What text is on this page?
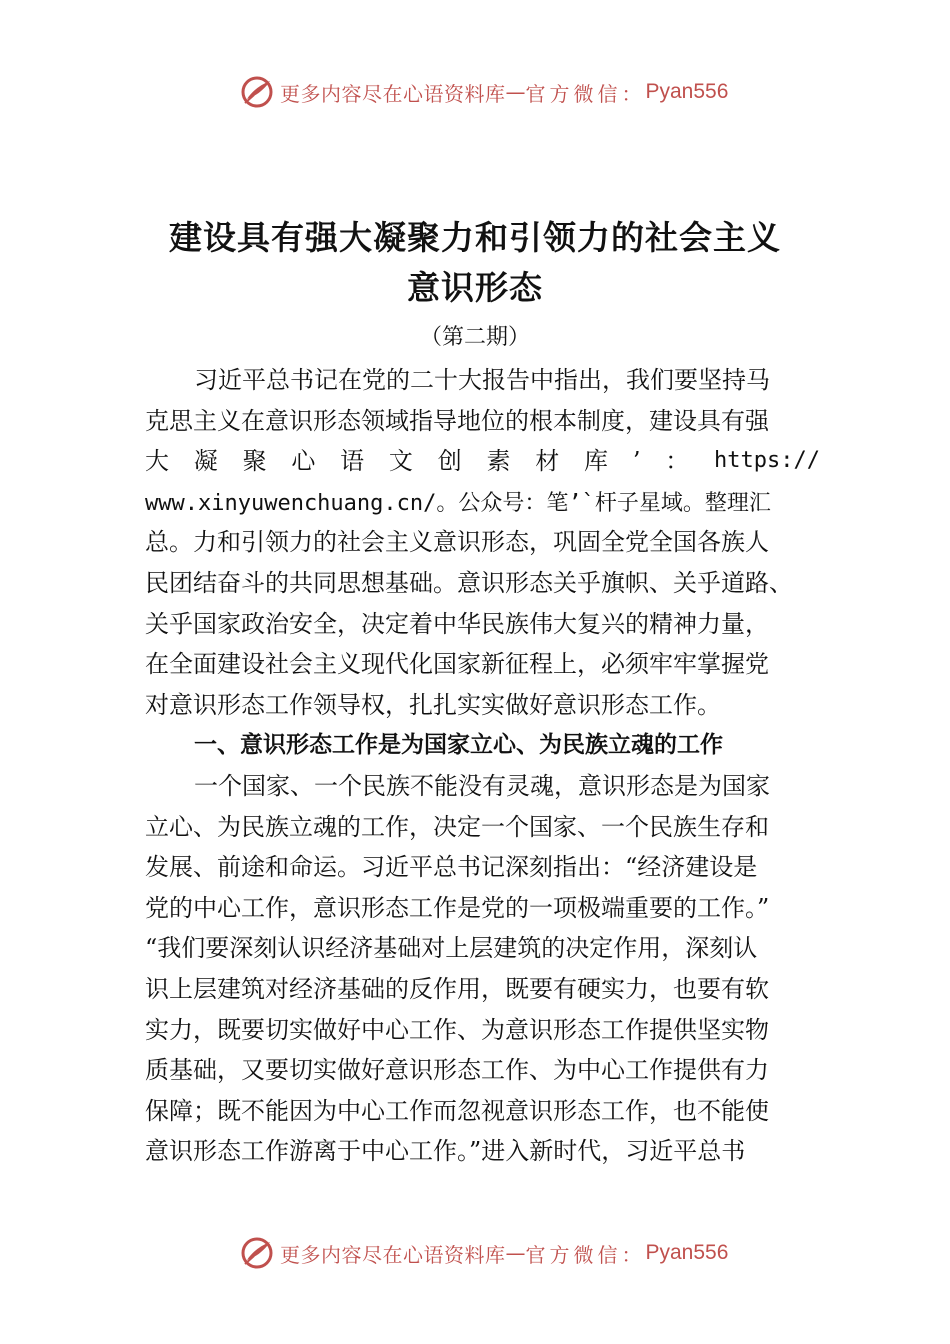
更多内容尽在心语资料库 — 官方微信： Pyan556
建设具有强大凝聚力和引领力的社会主义
意识形态
（第二期）
习近平总书记在党的二十大报告中指出，我们要坚持马
克思主义在意识形态领域指导地位的根本制度，建设具有强
大 凝 聚 心 语 文 创 素 材 库 ’ ： https://
www.xinyuwenchuang.cn/。公众号：笔’`杆子星域。整理汇
总。力和引领力的社会主义意识形态，巩固全党全国各族人
民团结奋斗的共同思想基础。意识形态关乎旗帜、关乎道路、
关乎国家政治安全，决定着中华民族伟大复兴的精神力量，
在全面建设社会主义现代化国家新征程上，必须牢牢掌握党
对意识形态工作领导权，扎扎实实做好意识形态工作。
一、意识形态工作是为国家立心、为民族立魂的工作
一个国家、一个民族不能没有灵魂，意识形态是为国家
立心、为民族立魂的工作，决定一个国家、一个民族生存和
发展、前途和命运。习近平总书记深刻指出：“经济建设是
党的中心工作，意识形态工作是党的一项极端重要的工作。”
“我们要深刻认识经济基础对上层建筑的决定作用，深刻认
识上层建筑对经济基础的反作用，既要有硬实力，也要有软
实力，既要切实做好中心工作、为意识形态工作提供坚实物
质基础，又要切实做好意识形态工作、为中心工作提供有力
保障；既不能因为中心工作而忽视意识形态工作，也不能使
意识形态工作游离于中心工作。”进入新时代，习近平总书
更多内容尽在心语资料库 — 官方微信： Pyan556
